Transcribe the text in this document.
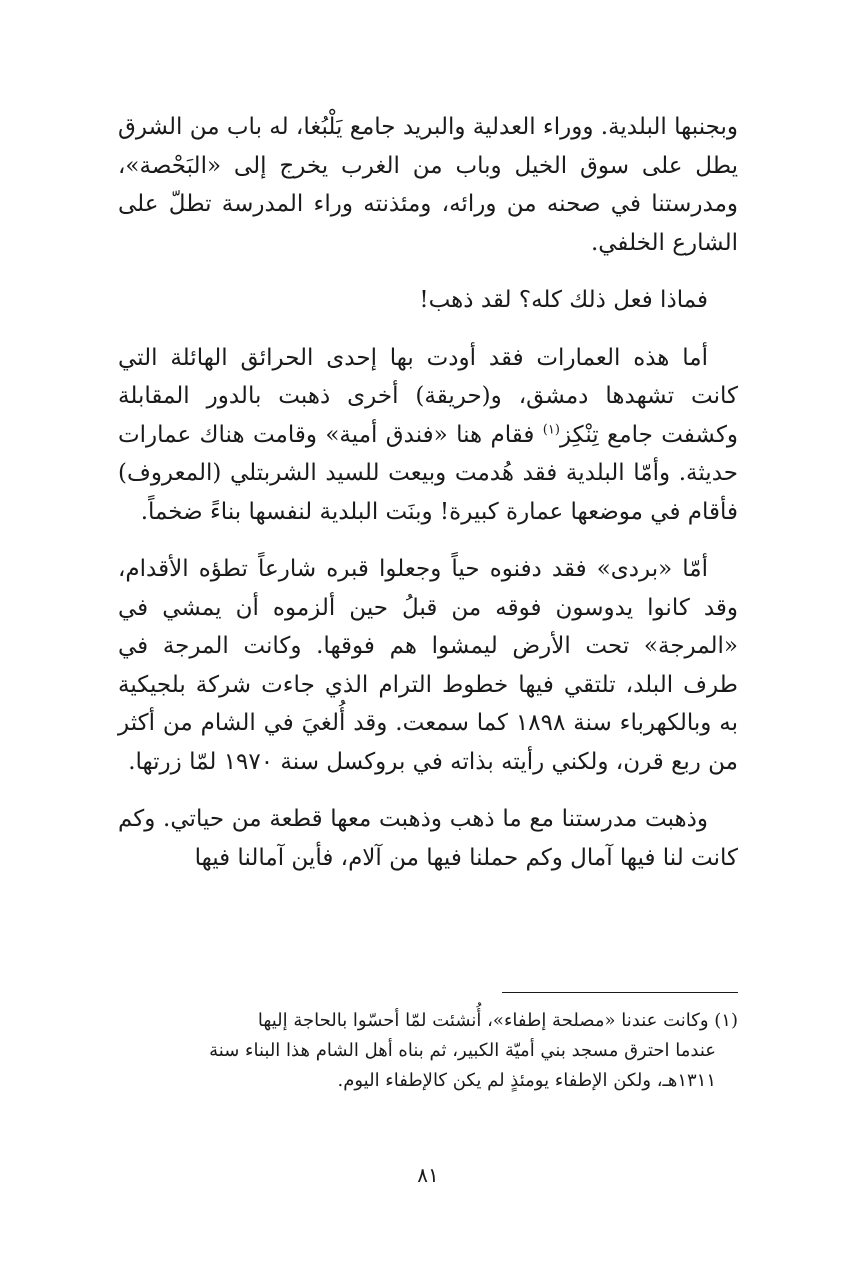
وبجنبها البلدية. ووراء العدلية والبريد جامع يَلْبُغا، له باب من الشرق يطل على سوق الخيل وباب من الغرب يخرج إلى «البَحْصة»، ومدرستنا في صحنه من ورائه، ومئذنته وراء المدرسة تطلّ على الشارع الخلفي.

فماذا فعل ذلك كله؟ لقد ذهب!

أما هذه العمارات فقد أودت بها إحدى الحرائق الهائلة التي كانت تشهدها دمشق، و(حريقة) أخرى ذهبت بالدور المقابلة وكشفت جامع تِنْكِز$^{(١)}$ فقام هنا «فندق أمية» وقامت هناك عمارات حديثة. وأمّا البلدية فقد هُدمت وبيعت للسيد الشربتلي (المعروف) فأقام في موضعها عمارة كبيرة! وبنَت البلدية لنفسها بناءً ضخماً.

أمّا «بردى» فقد دفنوه حياً وجعلوا قبره شارعاً تطؤه الأقدام، وقد كانوا يدوسون فوقه من قبلُ حين ألزموه أن يمشي في «المرجة» تحت الأرض ليمشوا هم فوقها. وكانت المرجة في طرف البلد، تلتقي فيها خطوط الترام الذي جاءت شركة بلجيكية به وبالكهرباء سنة ١٨٩٨ كما سمعت. وقد أُلغيَ في الشام من أكثر من ربع قرن، ولكني رأيته بذاته في بروكسل سنة ١٩٧٠ لمّا زرتها.

وذهبت مدرستنا مع ما ذهب وذهبت معها قطعة من حياتي. وكم كانت لنا فيها آمال وكم حملنا فيها من آلام، فأين آمالنا فيها

(١) وكانت عندنا «مصلحة إطفاء»، أُنشئت لمّا أحسّوا بالحاجة إليها
عندما احترق مسجد بني أميّة الكبير، ثم بناه أهل الشام هذا البناء سنة
١٣١١هـ، ولكن الإطفاء يومئذٍ لم يكن كالإطفاء اليوم.
٨١
